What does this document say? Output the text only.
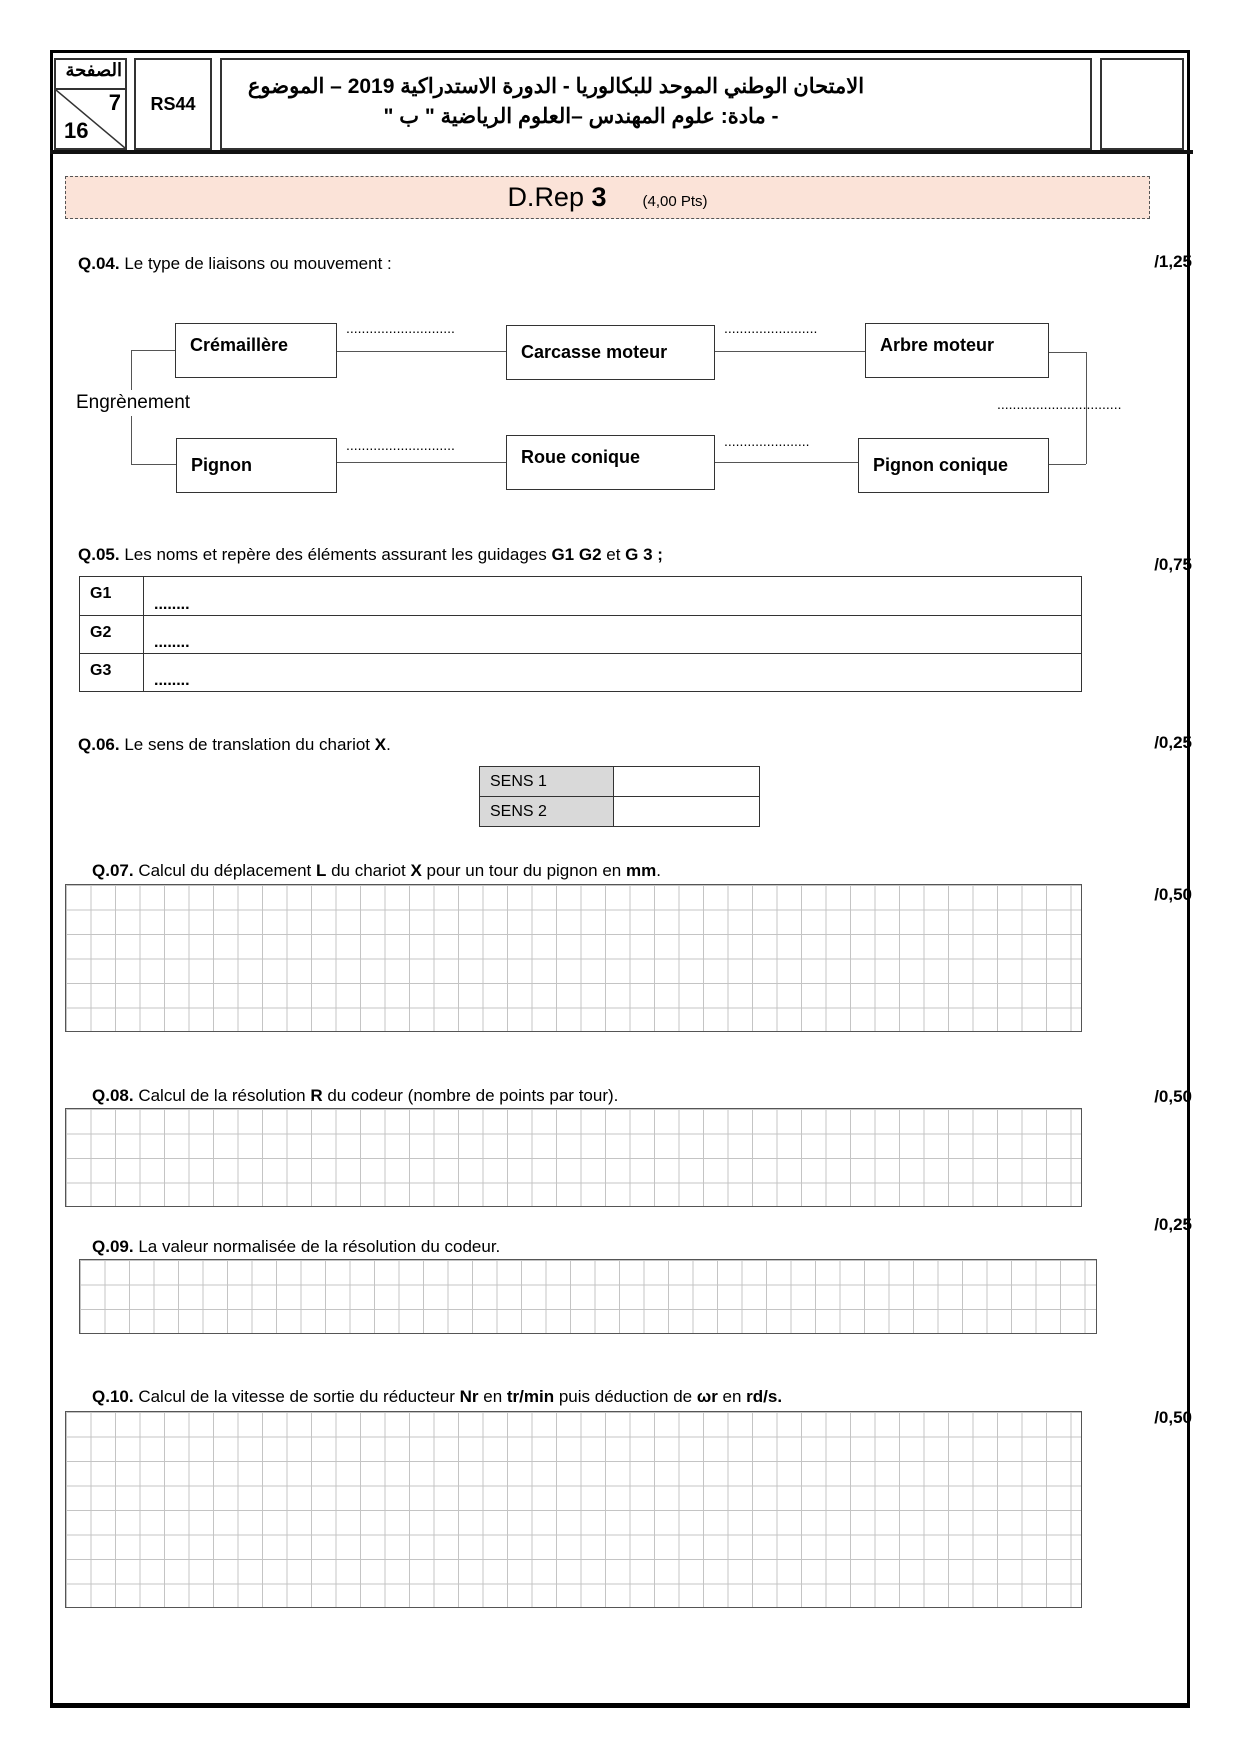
الصفحة
7
16
RS44
الامتحان الوطني الموحد للبكالوريا - الدورة الاستدراكية 2019 – الموضوع
- مادة: علوم المهندس –العلوم الرياضية " ب "
D.Rep 3 (4,00 Pts)
Q.04. Le type de liaisons ou mouvement :	/1,25
Engrènement
Crémaillère	Carcasse moteur	Arbre moteur
Pignon	Roue conique	Pignon conique
............................	........................
............................	......................
................................
Q.05. Les noms et repère des éléments assurant les guidages G1 G2 et G 3 ;
/0,75
G1	........
G2	........
G3	........
Q.06. Le sens de translation du chariot X.	/0,25
SENS 1	
SENS 2	
Q.07. Calcul du déplacement L du chariot X pour un tour du pignon en mm.
/0,50
Q.08. Calcul de la résolution R du codeur (nombre de points par tour).	/0,50
/0,25
Q.09. La valeur normalisée de la résolution du codeur.
Q.10. Calcul de la vitesse de sortie du réducteur Nr en tr/min puis déduction de ωr en rd/s.
/0,50
